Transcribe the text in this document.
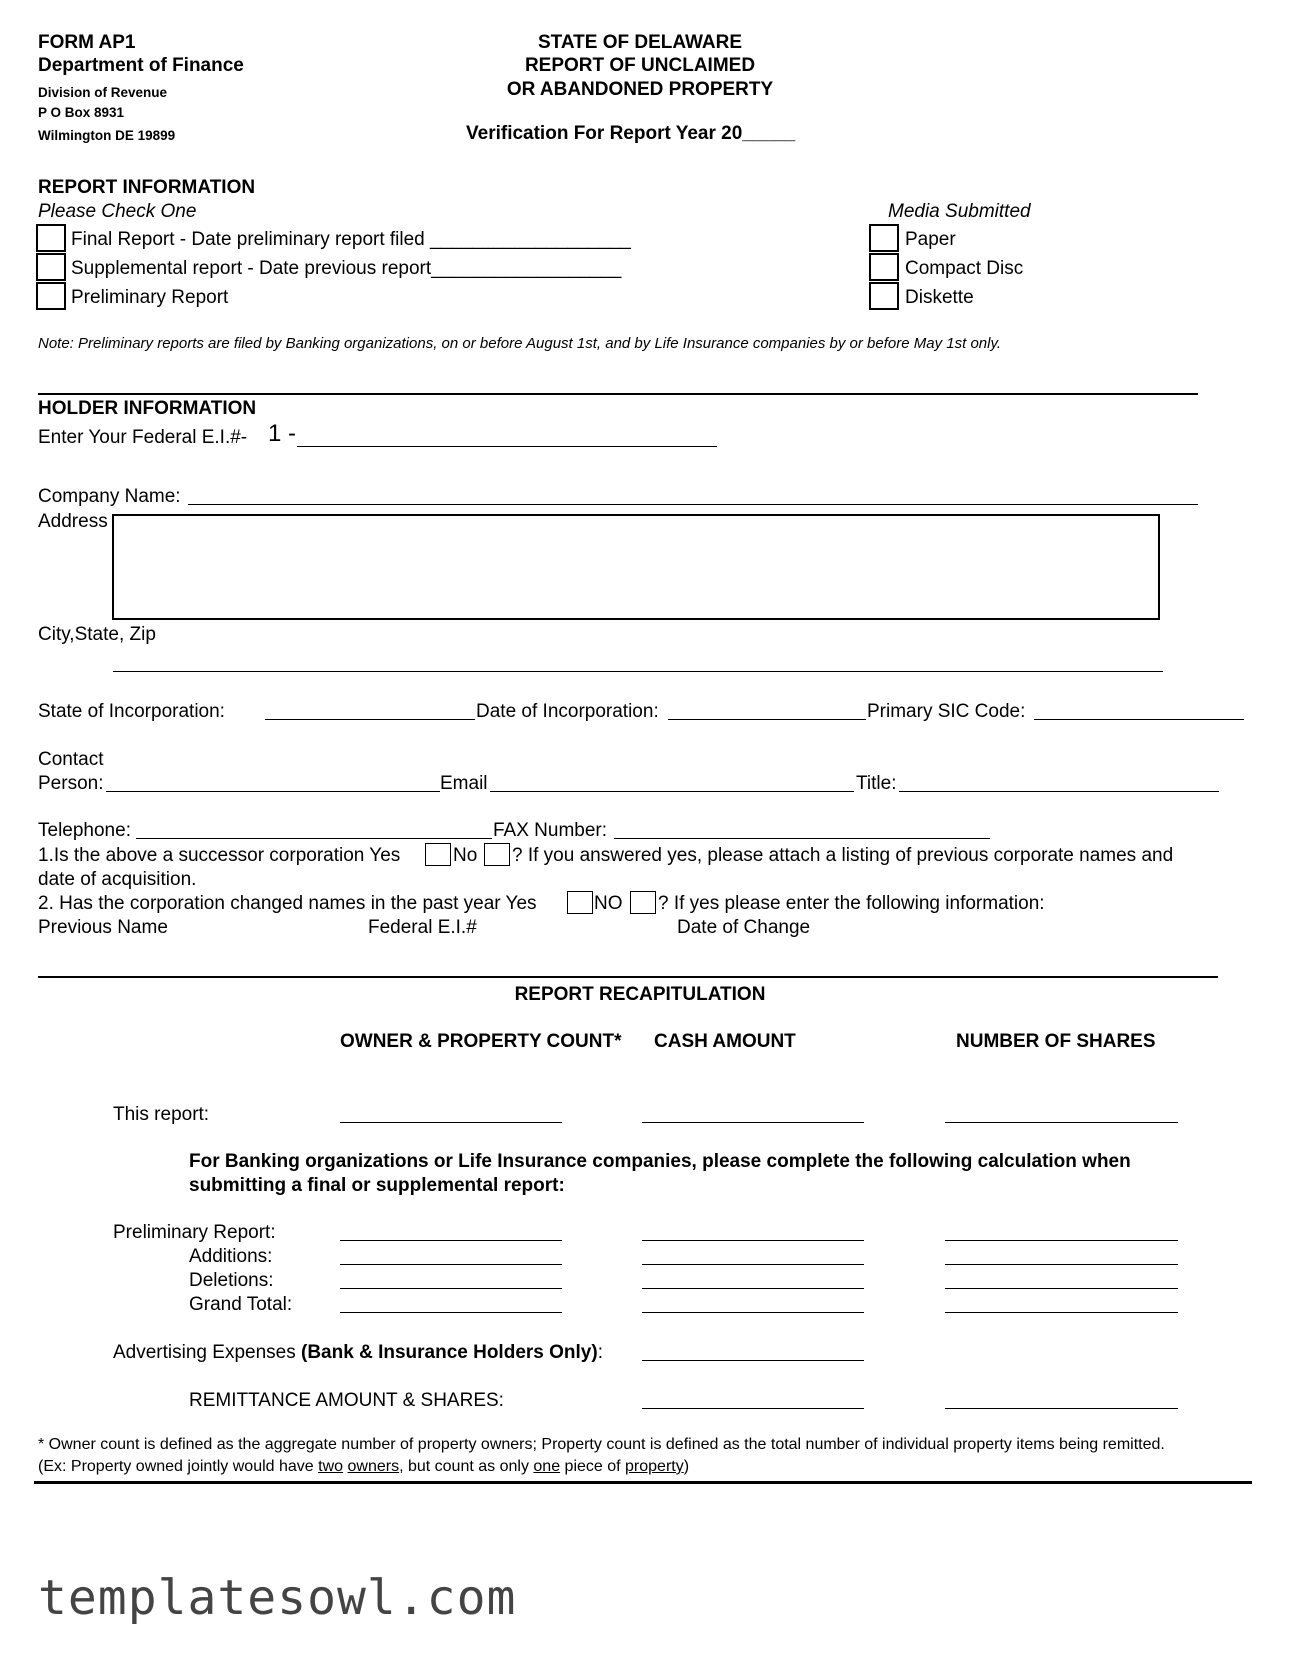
FORM AP1
Department of Finance
Division of Revenue
P O Box 8931
Wilmington DE 19899
STATE OF DELAWARE
REPORT OF UNCLAIMED
OR ABANDONED PROPERTY
Verification For Report Year 20_____
REPORT INFORMATION
Please Check One
Final Report - Date preliminary report filed ___________________
Supplemental report - Date previous report__________________
Preliminary Report
Media Submitted
Paper
Compact Disc
Diskette
Note: Preliminary reports are filed by Banking organizations, on or before August 1st, and by Life Insurance companies by or before May 1st only.
HOLDER INFORMATION
Enter Your Federal E.I.#- 1 -
Company Name:
Address
City,State, Zip
State of Incorporation:	Date of Incorporation:	Primary SIC Code:
Contact
Person:	Email	Title:
Telephone:	FAX Number:
1.Is the above a successor corporation Yes	No ? If you answered yes, please attach a listing of previous corporate names and
date of acquisition.
2. Has the corporation changed names in the past year Yes	NO ? If yes please enter the following information:
Previous Name	Federal E.I.#	Date of Change
REPORT RECAPITULATION
OWNER & PROPERTY COUNT* CASH AMOUNT	NUMBER OF SHARES
This report:
For Banking organizations or Life Insurance companies, please complete the following calculation when
submitting a final or supplemental report:
Preliminary Report:
Additions:
Deletions:
Grand Total:
Advertising Expenses (Bank & Insurance Holders Only):
REMITTANCE AMOUNT & SHARES:
* Owner count is defined as the aggregate number of property owners; Property count is defined as the total number of individual property items being remitted.
(Ex: Property owned jointly would have two owners, but count as only one piece of property)
templatesowl.com
